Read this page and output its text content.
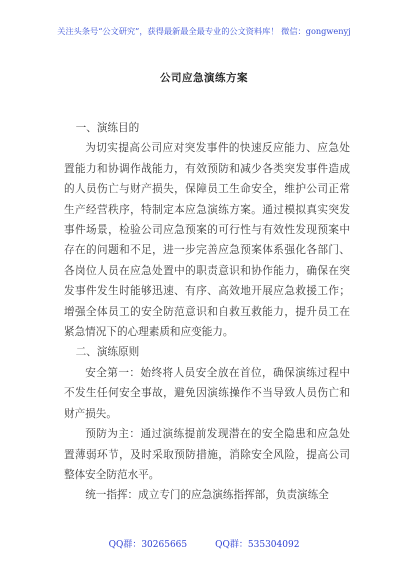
关注头条号“公文研究”，获得最新最全最专业的公文资料库！ 微信：gongwenyj
公司应急演练方案

一、演练目的

为切实提高公司应对突发事件的快速反应能力、应急处置能力和协调作战能力，有效预防和减少各类突发事件造成的人员伤亡与财产损失，保障员工生命安全，维护公司正常生产经营秩序，特制定本应急演练方案。通过模拟真实突发事件场景，检验公司应急预案的可行性与有效性发现预案中存在的问题和不足，进一步完善应急预案体系强化各部门、各岗位人员在应急处置中的职责意识和协作能力，确保在突发事件发生时能够迅速、有序、高效地开展应急救援工作；增强全体员工的安全防范意识和自救互救能力，提升员工在紧急情况下的心理素质和应变能力。

二、演练原则

安全第一：始终将人员安全放在首位，确保演练过程中不发生任何安全事故，避免因演练操作不当导致人员伤亡和财产损失。

预防为主：通过演练提前发现潜在的安全隐患和应急处置薄弱环节，及时采取预防措施，消除安全风险，提高公司整体安全防范水平。

统一指挥：成立专门的应急演练指挥部，负责演练全

QQ群：30265665	QQ群：535304092
